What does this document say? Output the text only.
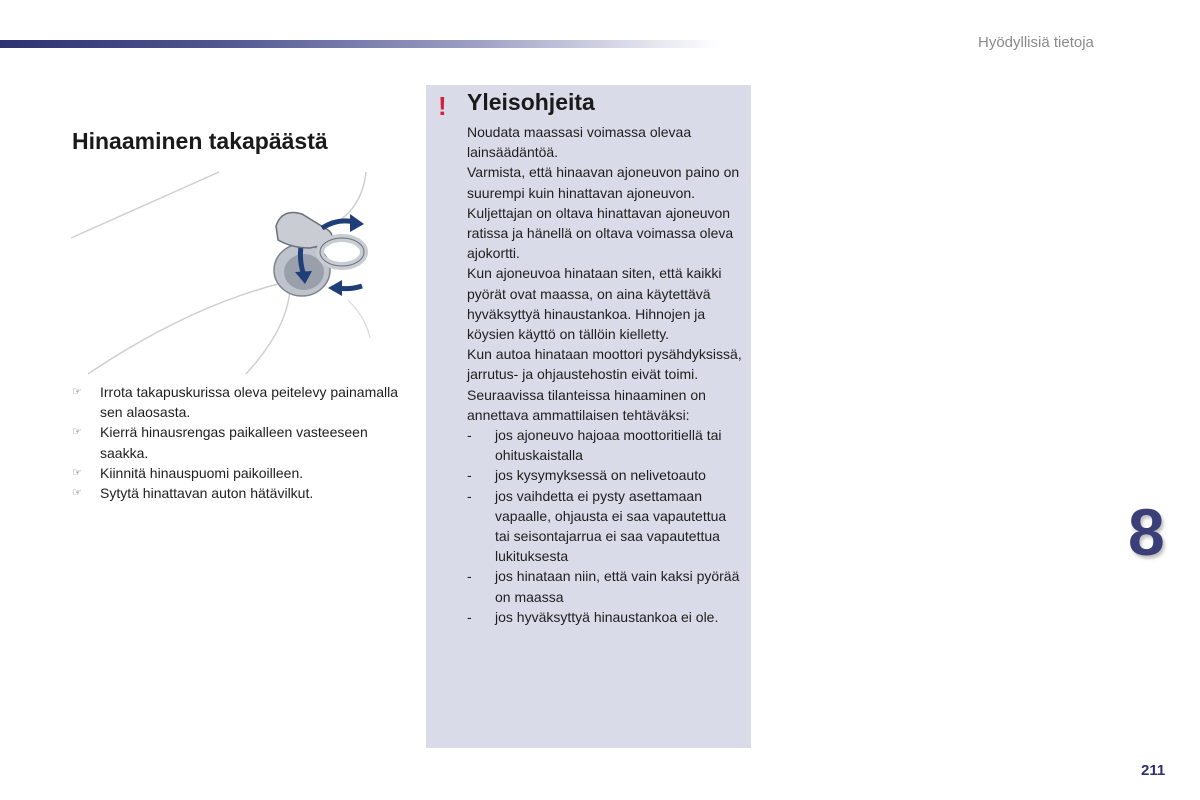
Hyödyllisiä tietoja
Hinaaminen takapäästä
☞ Irrota takapuskurissa oleva peitelevy painamalla sen alaosasta.
☞ Kierrä hinausrengas paikalleen vasteeseen saakka.
☞ Kiinnitä hinauspuomi paikoilleen.
☞ Sytytä hinattavan auton hätävilkut.
! Yleisohjeita

Noudata maassasi voimassa olevaa lainsäädäntöä.

Varmista, että hinaavan ajoneuvon paino on suurempi kuin hinattavan ajoneuvon.

Kuljettajan on oltava hinattavan ajoneuvon ratissa ja hänellä on oltava voimassa oleva ajokortti.

Kun ajoneuvoa hinataan siten, että kaikki pyörät ovat maassa, on aina käytettävä hyväksyttyä hinaustankoa. Hihnojen ja köysien käyttö on tällöin kielletty.

Kun autoa hinataan moottori pysähdyksissä, jarrutus- ja ohjaustehostin eivät toimi.

Seuraavissa tilanteissa hinaaminen on annettava ammattilaisen tehtäväksi:

- jos ajoneuvo hajoaa moottoritiellä tai ohituskaistalla
- jos kysymyksessä on nelivetoauto
- jos vaihdetta ei pysty asettamaan vapaalle, ohjausta ei saa vapautettua tai seisontajarrua ei saa vapautettua lukituksesta
- jos hinataan niin, että vain kaksi pyörää on maassa
- jos hyväksyttyä hinaustankoa ei ole.
8
211
